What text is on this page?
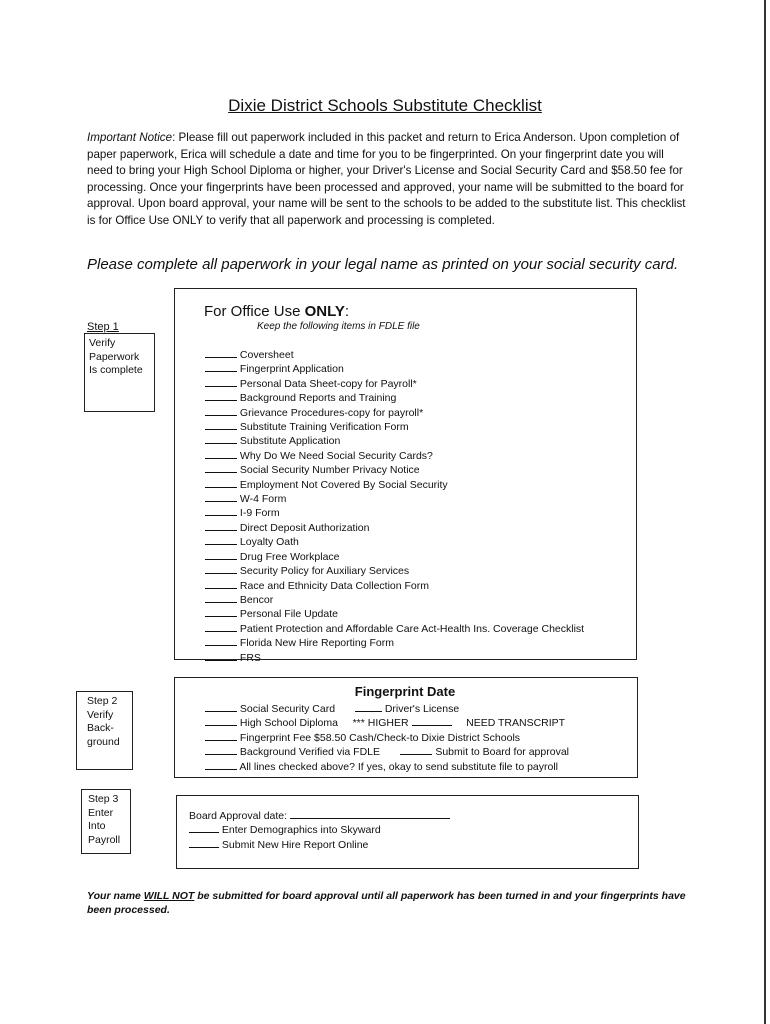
Dixie District Schools Substitute Checklist
Important Notice: Please fill out paperwork included in this packet and return to Erica Anderson. Upon completion of paper paperwork, Erica will schedule a date and time for you to be fingerprinted. On your fingerprint date you will need to bring your High School Diploma or higher, your Driver's License and Social Security Card and $58.50 fee for processing. Once your fingerprints have been processed and approved, your name will be submitted to the board for approval. Upon board approval, your name will be sent to the schools to be added to the substitute list. This checklist is for Office Use ONLY to verify that all paperwork and processing is completed.
Please complete all paperwork in your legal name as printed on your social security card.
Step 1
Verify
Paperwork
Is complete
For Office Use ONLY:
Keep the following items in FDLE file
Coversheet
Fingerprint Application
Personal Data Sheet-copy for Payroll*
Background Reports and Training
Grievance Procedures-copy for payroll*
Substitute Training Verification Form
Substitute Application
Why Do We Need Social Security Cards?
Social Security Number Privacy Notice
Employment Not Covered By Social Security
W-4 Form
I-9 Form
Direct Deposit Authorization
Loyalty Oath
Drug Free Workplace
Security Policy for Auxiliary Services
Race and Ethnicity Data Collection Form
Bencor
Personal File Update
Patient Protection and Affordable Care Act-Health Ins. Coverage Checklist
Florida New Hire Reporting Form
FRS
Step 2
Verify
Back-
ground
Fingerprint Date
Social Security Card	Driver's License
High School Diploma *** HIGHER	NEED TRANSCRIPT
Fingerprint Fee $58.50 Cash/Check-to Dixie District Schools
Background Verified via FDLE	Submit to Board for approval
All lines checked above? If yes, okay to send substitute file to payroll
Step 3
Enter
Into
Payroll
Board Approval date:
Enter Demographics into Skyward
Submit New Hire Report Online
Your name WILL NOT be submitted for board approval until all paperwork has been turned in and your fingerprints have been processed.
